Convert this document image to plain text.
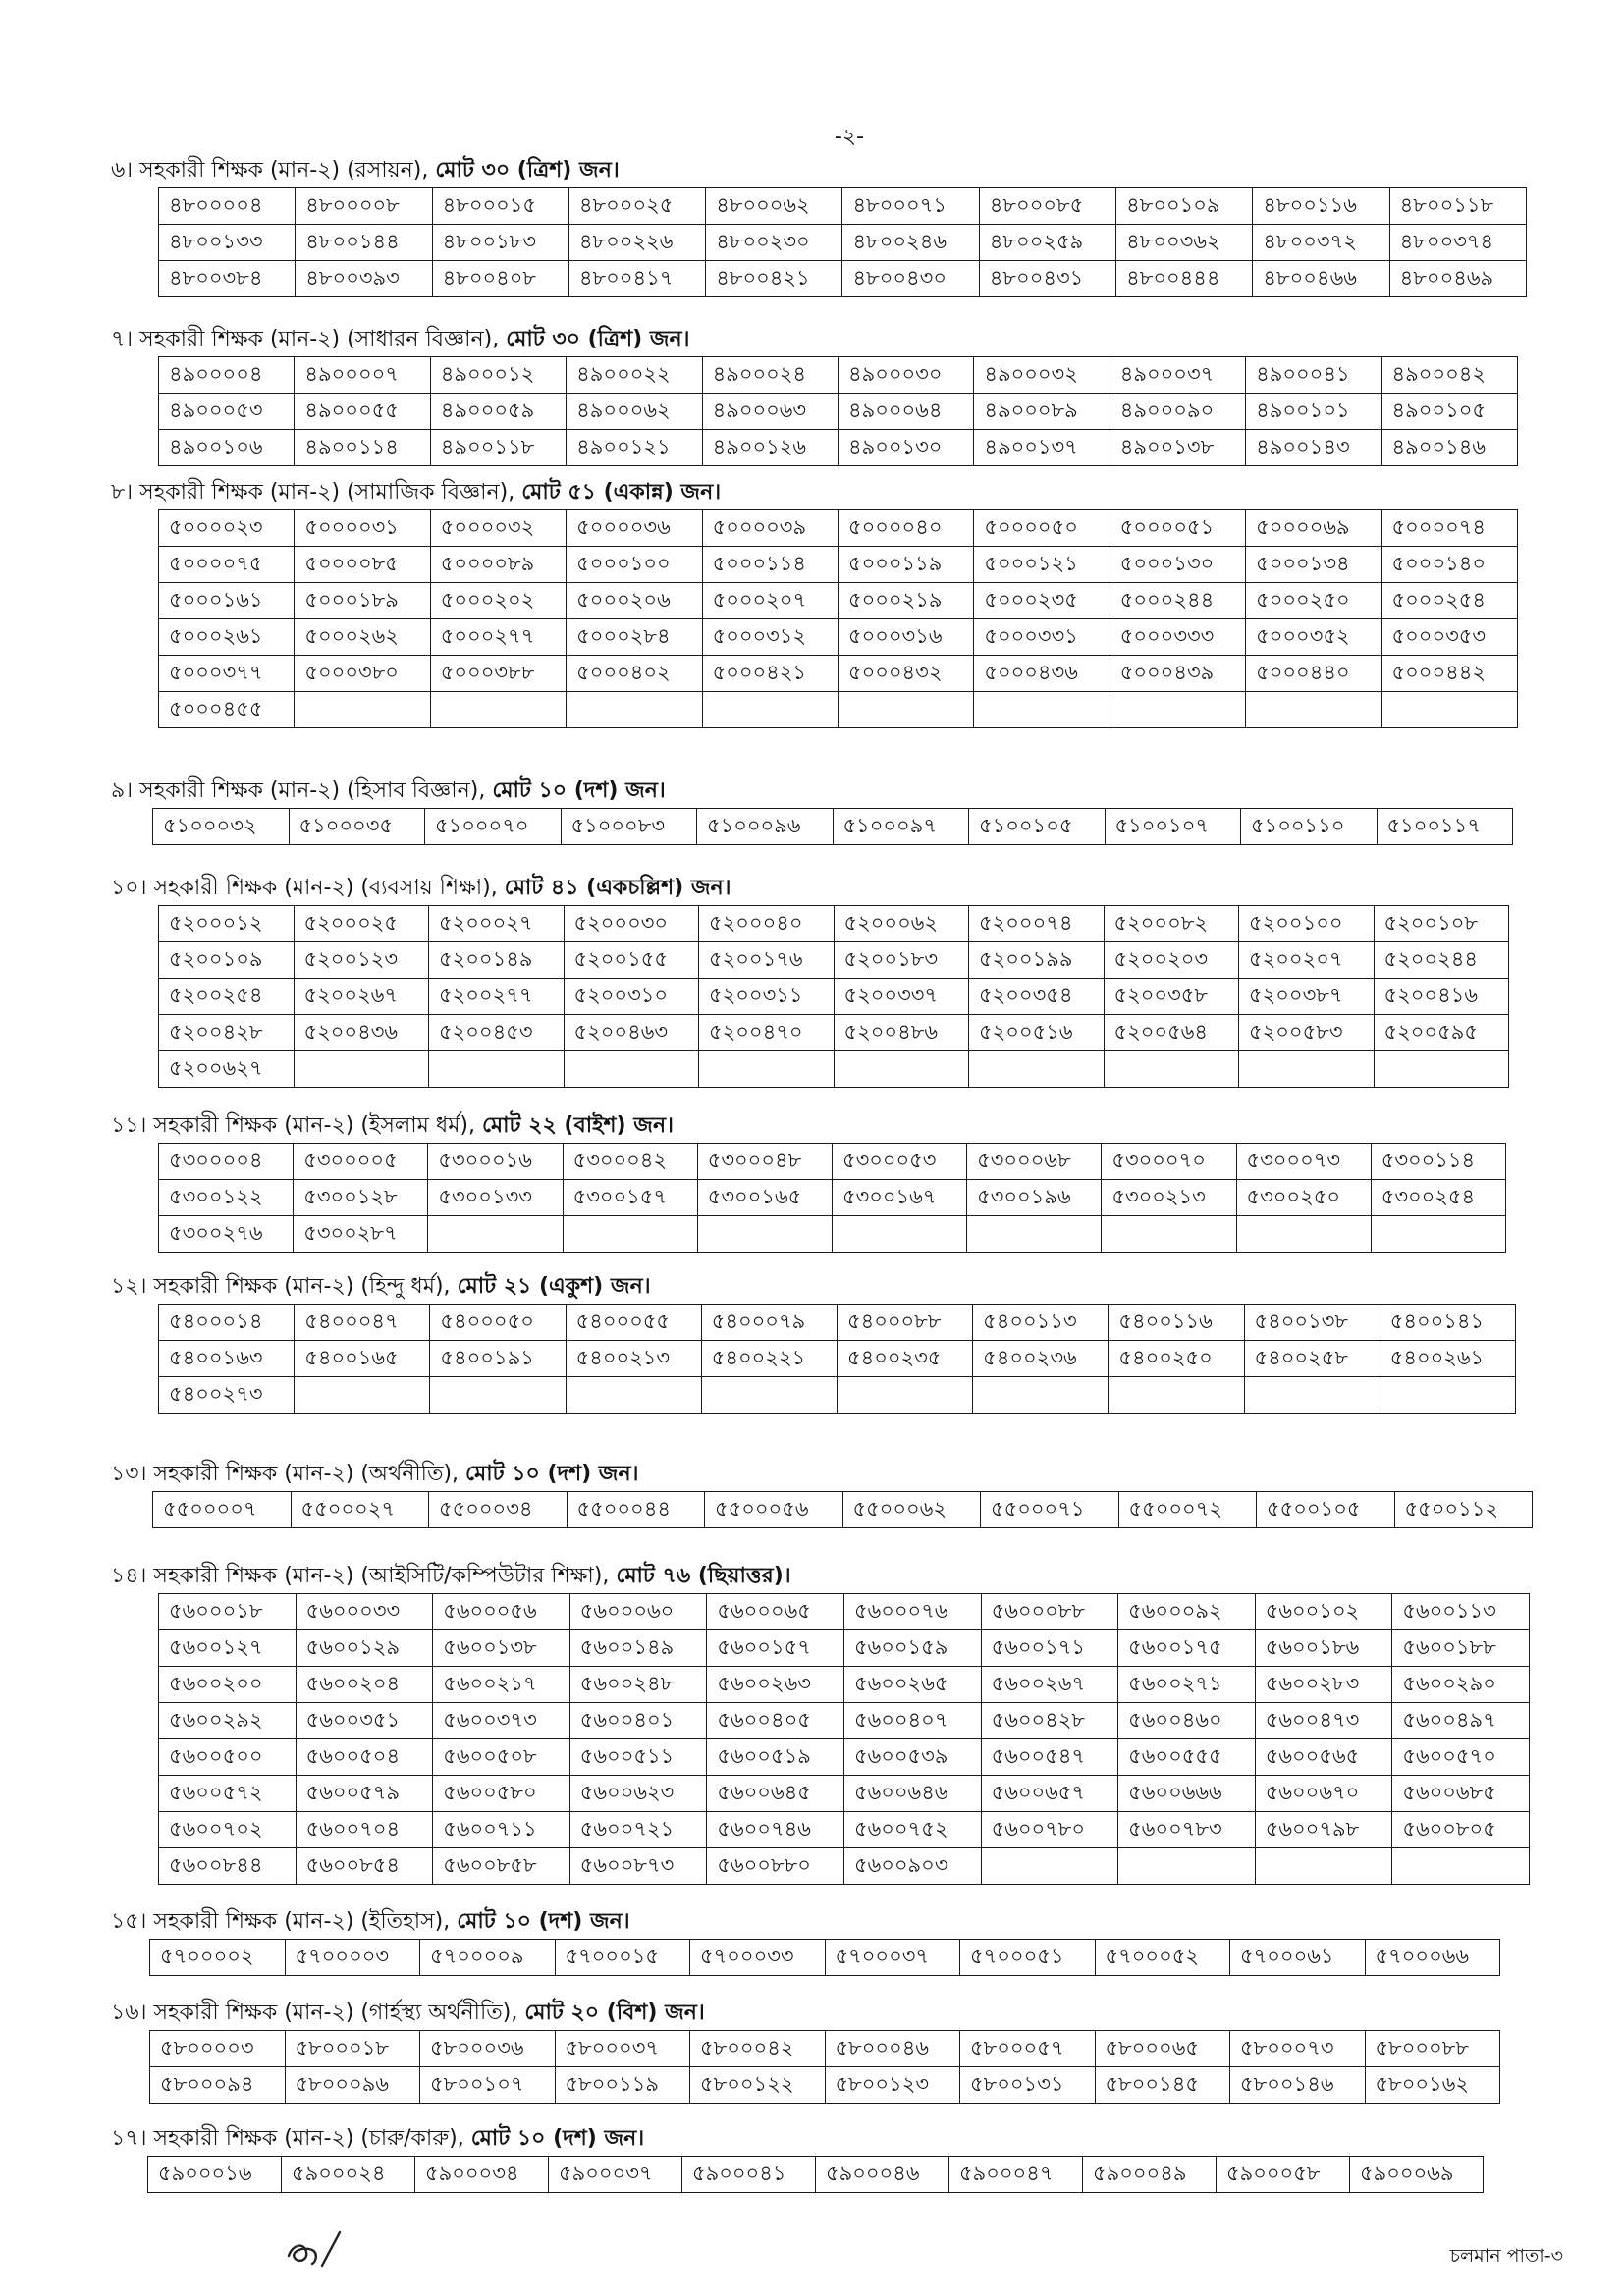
-২-
৬। সহকারী শিক্ষক (মান-২) (রসায়ন), মোট ৩০ (ত্রিশ) জন।
৪৮০০০০৪	৪৮০০০০৮	৪৮০০০১৫	৪৮০০০২৫	৪৮০০০৬২	৪৮০০০৭১	৪৮০০০৮৫	৪৮০০১০৯	৪৮০০১১৬	৪৮০০১১৮
৪৮০০১৩৩	৪৮০০১৪৪	৪৮০০১৮৩	৪৮০০২২৬	৪৮০০২৩০	৪৮০০২৪৬	৪৮০০২৫৯	৪৮০০৩৬২	৪৮০০৩৭২	৪৮০০৩৭৪
৪৮০০৩৮৪	৪৮০০৩৯৩	৪৮০০৪০৮	৪৮০০৪১৭	৪৮০০৪২১	৪৮০০৪৩০	৪৮০০৪৩১	৪৮০০৪৪৪	৪৮০০৪৬৬	৪৮০০৪৬৯
৭। সহকারী শিক্ষক (মান-২) (সাধারন বিজ্ঞান), মোট ৩০ (ত্রিশ) জন।
৪৯০০০০৪	৪৯০০০০৭	৪৯০০০১২	৪৯০০০২২	৪৯০০০২৪	৪৯০০০৩০	৪৯০০০৩২	৪৯০০০৩৭	৪৯০০০৪১	৪৯০০০৪২
৪৯০০০৫৩	৪৯০০০৫৫	৪৯০০০৫৯	৪৯০০০৬২	৪৯০০০৬৩	৪৯০০০৬৪	৪৯০০০৮৯	৪৯০০০৯০	৪৯০০১০১	৪৯০০১০৫
৪৯০০১০৬	৪৯০০১১৪	৪৯০০১১৮	৪৯০০১২১	৪৯০০১২৬	৪৯০০১৩০	৪৯০০১৩৭	৪৯০০১৩৮	৪৯০০১৪৩	৪৯০০১৪৬
৮। সহকারী শিক্ষক (মান-২) (সামাজিক বিজ্ঞান), মোট ৫১ (একান্ন) জন।
৫০০০০২৩	৫০০০০৩১	৫০০০০৩২	৫০০০০৩৬	৫০০০০৩৯	৫০০০০৪০	৫০০০০৫০	৫০০০০৫১	৫০০০০৬৯	৫০০০০৭৪
৫০০০০৭৫	৫০০০০৮৫	৫০০০০৮৯	৫০০০১০০	৫০০০১১৪	৫০০০১১৯	৫০০০১২১	৫০০০১৩০	৫০০০১৩৪	৫০০০১৪০
৫০০০১৬১	৫০০০১৮৯	৫০০০২০২	৫০০০২০৬	৫০০০২০৭	৫০০০২১৯	৫০০০২৩৫	৫০০০২৪৪	৫০০০২৫০	৫০০০২৫৪
৫০০০২৬১	৫০০০২৬২	৫০০০২৭৭	৫০০০২৮৪	৫০০০৩১২	৫০০০৩১৬	৫০০০৩৩১	৫০০০৩৩৩	৫০০০৩৫২	৫০০০৩৫৩
৫০০০৩৭৭	৫০০০৩৮০	৫০০০৩৮৮	৫০০০৪০২	৫০০০৪২১	৫০০০৪৩২	৫০০০৪৩৬	৫০০০৪৩৯	৫০০০৪৪০	৫০০০৪৪২
৫০০০৪৫৫									
৯। সহকারী শিক্ষক (মান-২) (হিসাব বিজ্ঞান), মোট ১০ (দশ) জন।
৫১০০০৩২	৫১০০০৩৫	৫১০০০৭০	৫১০০০৮৩	৫১০০০৯৬	৫১০০০৯৭	৫১০০১০৫	৫১০০১০৭	৫১০০১১০	৫১০০১১৭
১০। সহকারী শিক্ষক (মান-২) (ব্যবসায় শিক্ষা), মোট ৪১ (একচল্লিশ) জন।
৫২০০০১২	৫২০০০২৫	৫২০০০২৭	৫২০০০৩০	৫২০০০৪০	৫২০০০৬২	৫২০০০৭৪	৫২০০০৮২	৫২০০১০০	৫২০০১০৮
৫২০০১০৯	৫২০০১২৩	৫২০০১৪৯	৫২০০১৫৫	৫২০০১৭৬	৫২০০১৮৩	৫২০০১৯৯	৫২০০২০৩	৫২০০২০৭	৫২০০২৪৪
৫২০০২৫৪	৫২০০২৬৭	৫২০০২৭৭	৫২০০৩১০	৫২০০৩১১	৫২০০৩৩৭	৫২০০৩৫৪	৫২০০৩৫৮	৫২০০৩৮৭	৫২০০৪১৬
৫২০০৪২৮	৫২০০৪৩৬	৫২০০৪৫৩	৫২০০৪৬৩	৫২০০৪৭০	৫২০০৪৮৬	৫২০০৫১৬	৫২০০৫৬৪	৫২০০৫৮৩	৫২০০৫৯৫
৫২০০৬২৭									
১১। সহকারী শিক্ষক (মান-২) (ইসলাম ধর্ম), মোট ২২ (বাইশ) জন।
৫৩০০০০৪	৫৩০০০০৫	৫৩০০০১৬	৫৩০০০৪২	৫৩০০০৪৮	৫৩০০০৫৩	৫৩০০০৬৮	৫৩০০০৭০	৫৩০০০৭৩	৫৩০০১১৪
৫৩০০১২২	৫৩০০১২৮	৫৩০০১৩৩	৫৩০০১৫৭	৫৩০০১৬৫	৫৩০০১৬৭	৫৩০০১৯৬	৫৩০০২১৩	৫৩০০২৫০	৫৩০০২৫৪
৫৩০০২৭৬	৫৩০০২৮৭								
১২। সহকারী শিক্ষক (মান-২) (হিন্দু ধর্ম), মোট ২১ (একুশ) জন।
৫৪০০০১৪	৫৪০০০৪৭	৫৪০০০৫০	৫৪০০০৫৫	৫৪০০০৭৯	৫৪০০০৮৮	৫৪০০১১৩	৫৪০০১১৬	৫৪০০১৩৮	৫৪০০১৪১
৫৪০০১৬৩	৫৪০০১৬৫	৫৪০০১৯১	৫৪০০২১৩	৫৪০০২২১	৫৪০০২৩৫	৫৪০০২৩৬	৫৪০০২৫০	৫৪০০২৫৮	৫৪০০২৬১
৫৪০০২৭৩									
১৩। সহকারী শিক্ষক (মান-২) (অর্থনীতি), মোট ১০ (দশ) জন।
৫৫০০০০৭	৫৫০০০২৭	৫৫০০০৩৪	৫৫০০০৪৪	৫৫০০০৫৬	৫৫০০০৬২	৫৫০০০৭১	৫৫০০০৭২	৫৫০০১০৫	৫৫০০১১২
১৪। সহকারী শিক্ষক (মান-২) (আইসিটি/কম্পিউটার শিক্ষা), মোট ৭৬ (ছিয়াত্তর)।
৫৬০০০১৮	৫৬০০০৩৩	৫৬০০০৫৬	৫৬০০০৬০	৫৬০০০৬৫	৫৬০০০৭৬	৫৬০০০৮৮	৫৬০০০৯২	৫৬০০১০২	৫৬০০১১৩
৫৬০০১২৭	৫৬০০১২৯	৫৬০০১৩৮	৫৬০০১৪৯	৫৬০০১৫৭	৫৬০০১৫৯	৫৬০০১৭১	৫৬০০১৭৫	৫৬০০১৮৬	৫৬০০১৮৮
৫৬০০২০০	৫৬০০২০৪	৫৬০০২১৭	৫৬০০২৪৮	৫৬০০২৬৩	৫৬০০২৬৫	৫৬০০২৬৭	৫৬০০২৭১	৫৬০০২৮৩	৫৬০০২৯০
৫৬০০২৯২	৫৬০০৩৫১	৫৬০০৩৭৩	৫৬০০৪০১	৫৬০০৪০৫	৫৬০০৪০৭	৫৬০০৪২৮	৫৬০০৪৬০	৫৬০০৪৭৩	৫৬০০৪৯৭
৫৬০০৫০০	৫৬০০৫০৪	৫৬০০৫০৮	৫৬০০৫১১	৫৬০০৫১৯	৫৬০০৫৩৯	৫৬০০৫৪৭	৫৬০০৫৫৫	৫৬০০৫৬৫	৫৬০০৫৭০
৫৬০০৫৭২	৫৬০০৫৭৯	৫৬০০৫৮০	৫৬০০৬২৩	৫৬০০৬৪৫	৫৬০০৬৪৬	৫৬০০৬৫৭	৫৬০০৬৬৬	৫৬০০৬৭০	৫৬০০৬৮৫
৫৬০০৭০২	৫৬০০৭০৪	৫৬০০৭১১	৫৬০০৭২১	৫৬০০৭৪৬	৫৬০০৭৫২	৫৬০০৭৮০	৫৬০০৭৮৩	৫৬০০৭৯৮	৫৬০০৮০৫
৫৬০০৮৪৪	৫৬০০৮৫৪	৫৬০০৮৫৮	৫৬০০৮৭৩	৫৬০০৮৮০	৫৬০০৯০৩				
১৫। সহকারী শিক্ষক (মান-২) (ইতিহাস), মোট ১০ (দশ) জন।
৫৭০০০০২	৫৭০০০০৩	৫৭০০০০৯	৫৭০০০১৫	৫৭০০০৩৩	৫৭০০০৩৭	৫৭০০০৫১	৫৭০০০৫২	৫৭০০০৬১	৫৭০০০৬৬
১৬। সহকারী শিক্ষক (মান-২) (গার্হস্থ্য অর্থনীতি), মোট ২০ (বিশ) জন।
৫৮০০০০৩	৫৮০০০১৮	৫৮০০০৩৬	৫৮০০০৩৭	৫৮০০০৪২	৫৮০০০৪৬	৫৮০০০৫৭	৫৮০০০৬৫	৫৮০০০৭৩	৫৮০০০৮৮
৫৮০০০৯৪	৫৮০০০৯৬	৫৮০০১০৭	৫৮০০১১৯	৫৮০০১২২	৫৮০০১২৩	৫৮০০১৩১	৫৮০০১৪৫	৫৮০০১৪৬	৫৮০০১৬২
১৭। সহকারী শিক্ষক (মান-২) (চারু/কারু), মোট ১০ (দশ) জন।
৫৯০০০১৬	৫৯০০০২৪	৫৯০০০৩৪	৫৯০০০৩৭	৫৯০০০৪১	৫৯০০০৪৬	৫৯০০০৪৭	৫৯০০০৪৯	৫৯০০০৫৮	৫৯০০০৬৯
চলমান পাতা-৩
